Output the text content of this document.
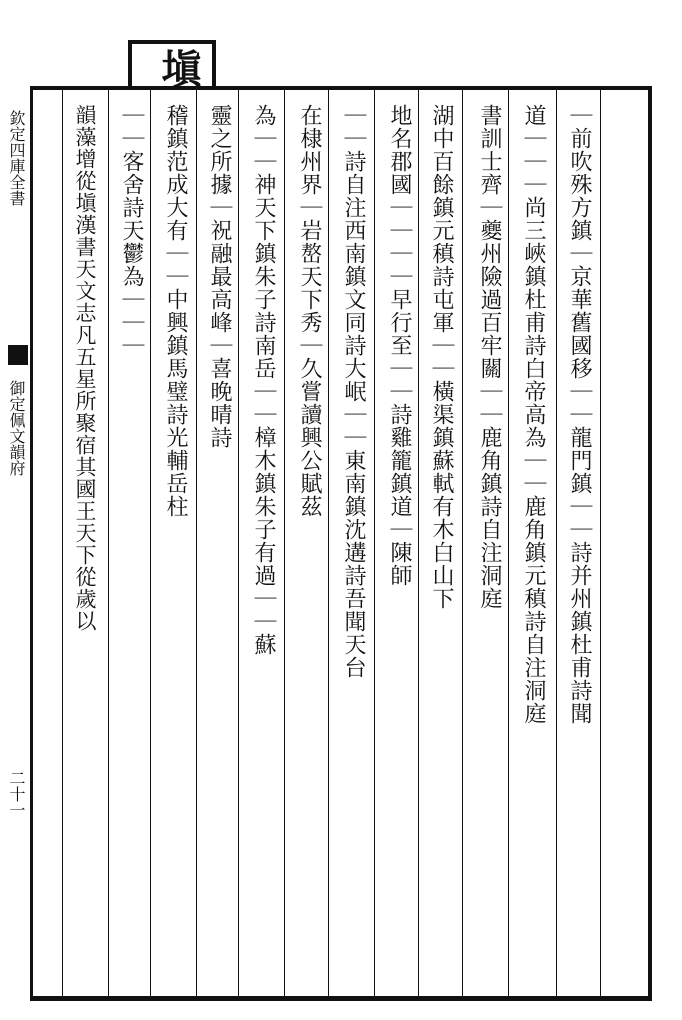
塡
｜前吹殊方鎮｜京華舊國移｜｜龍門鎮｜｜詩并州鎮杜甫詩聞
道｜｜｜尚三峽鎮杜甫詩白帝高為｜｜鹿角鎮元稹詩自注洞庭
書訓士齊｜夔州險過百牢關｜｜鹿角鎮詩自注洞庭
湖中百餘鎮元稹詩屯軍｜｜橫渠鎮蘇軾有木白山下
地名郡國｜｜｜｜早行至｜｜詩雞籠鎮道｜陳師
｜｜詩自注西南鎮文同詩大岷｜｜東南鎮沈遘詩吾聞天台
在棣州界｜岩嶅天下秀｜久嘗讀興公賦茲
為｜｜神天下鎮朱子詩南岳｜｜樟木鎮朱子有過｜｜蘇
靈之所據｜祝融最高峰｜喜晚晴詩
稽鎮范成大有｜｜中興鎮馬璧詩光輔岳柱
｜｜客舍詩天鬱為｜｜｜
韻藻增從塡漢書天文志凡五星所聚宿其國王天下從歲以
欽定四庫全書
御定佩文韻府
二十一
